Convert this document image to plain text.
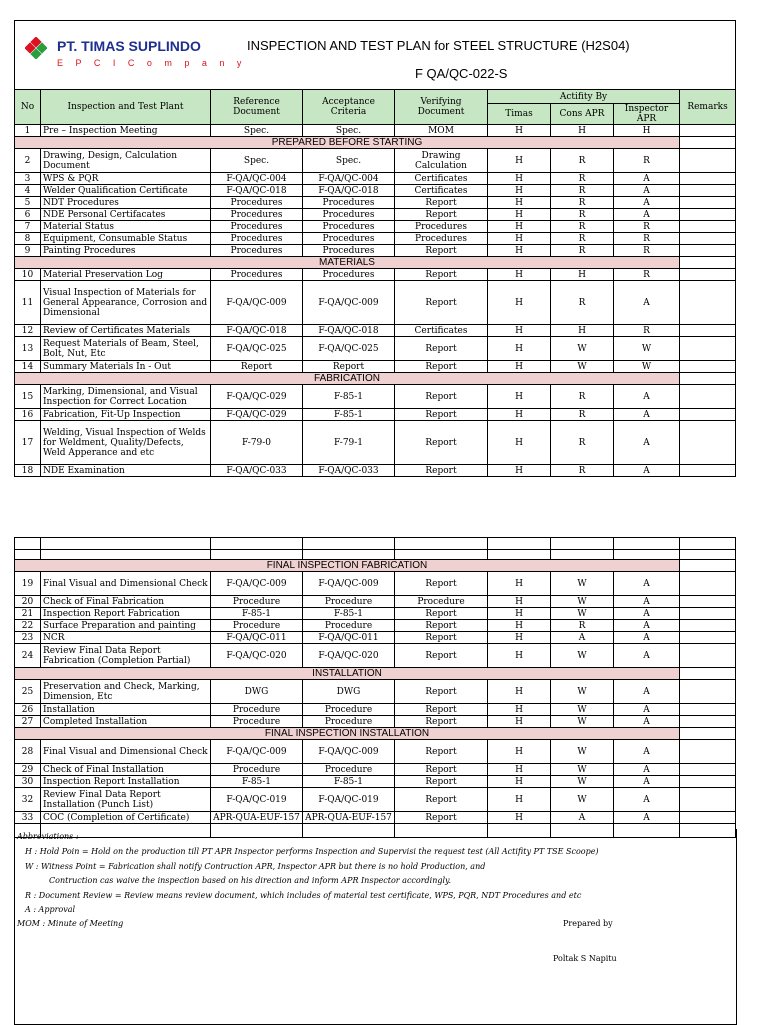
PT. TIMAS SUPLINDO
E P C I C o m p a n y
INSPECTION AND TEST PLAN for STEEL STRUCTURE (H2S04)
F QA/QC-022-S								

No	Inspection and Test Plant	Reference Document	Acceptance Criteria	Verifying Document	Actifity By			Remarks
					Timas	Cons APR	Inspector APR	
1	Pre – Inspection Meeting	Spec.	Spec.	MOM	H	H	H	
PREPARED BEFORE STARTING								
2	Drawing, Design, Calculation Document	Spec.	Spec.	Drawing Calculation	H	R	R	
3	WPS & PQR	F-QA/QC-004	F-QA/QC-004	Certificates	H	R	A	
4	Welder Qualification Certificate	F-QA/QC-018	F-QA/QC-018	Certificates	H	R	A	
5	NDT Procedures	Procedures	Procedures	Report	H	R	A	
6	NDE Personal Certifacates	Procedures	Procedures	Report	H	R	A	
7	Material Status	Procedures	Procedures	Procedures	H	R	R	
8	Equipment, Consumable Status	Procedures	Procedures	Procedures	H	R	R	
9	Painting Procedures	Procedures	Procedures	Report	H	R	R	
MATERIALS								
10	Material Preservation Log	Procedures	Procedures	Report	H	H	R	
11	Visual Inspection of Materials for General Appearance, Corrosion and Dimensional	F-QA/QC-009	F-QA/QC-009	Report	H	R	A	
12	Review of Certificates Materials	F-QA/QC-018	F-QA/QC-018	Certificates	H	H	R	
13	Request Materials of Beam, Steel, Bolt, Nut, Etc	F-QA/QC-025	F-QA/QC-025	Report	H	W	W	
14	Summary Materials In - Out	Report	Report	Report	H	W	W	
FABRICATION								
15	Marking, Dimensional, and Visual Inspection for Correct Location	F-QA/QC-029	F-85-1	Report	H	R	A	
16	Fabrication, Fit-Up Inspection	F-QA/QC-029	F-85-1	Report	H	R	A	
17	Welding, Visual Inspection of Welds for Weldment, Quality/Defects, Weld Apperance and etc	F-79-0	F-79-1	Report	H	R	A	
18	NDE Examination	F-QA/QC-033	F-QA/QC-033	Report	H	R	A	

FINAL INSPECTION FABRICATION								
19	Final Visual and Dimensional Check	F-QA/QC-009	F-QA/QC-009	Report	H	W	A	
20	Check of Final Fabrication	Procedure	Procedure	Procedure	H	W	A	
21	Inspection Report Fabrication	F-85-1	F-85-1	Report	H	W	A	
22	Surface Preparation and painting	Procedure	Procedure	Report	H	R	A	
23	NCR	F-QA/QC-011	F-QA/QC-011	Report	H	A	A	
24	Review Final Data Report Fabrication (Completion Partial)	F-QA/QC-020	F-QA/QC-020	Report	H	W	A	
INSTALLATION								
25	Preservation and Check, Marking, Dimension, Etc	DWG	DWG	Report	H	W	A	
26	Installation	Procedure	Procedure	Report	H	W	A	
27	Completed Installation	Procedure	Procedure	Report	H	W	A	
FINAL INSPECTION INSTALLATION								
28	Final Visual and Dimensional Check	F-QA/QC-009	F-QA/QC-009	Report	H	W	A	
29	Check of Final Installation	Procedure	Procedure	Report	H	W	A	
30	Inspection Report Installation	F-85-1	F-85-1	Report	H	W	A	
32	Review Final Data Report Installation (Punch List)	F-QA/QC-019	F-QA/QC-019	Report	H	W	A	
33	COC (Completion of Certificate)	APR-QUA-EUF-157	APR-QUA-EUF-157	Report	H	A	A	

Abbreviations :
H : Hold Poin = Hold on the production till PT APR Inspector performs Inspection and Supervisi the request test (All Actifity PT TSE Scoope)
W : Witness Point = Fabrication shall notify Contruction APR, Inspector APR but there is no hold Production, and
Contruction cas waive the inspection based on his direction and inform APR Inspector accordingly.
R : Document Review = Review means review document, which includes of material test certificate, WPS, PQR, NDT Procedures and etc
A : Approval
MOM : Minute of Meeting	Prepared by
Poltak S Napitu
